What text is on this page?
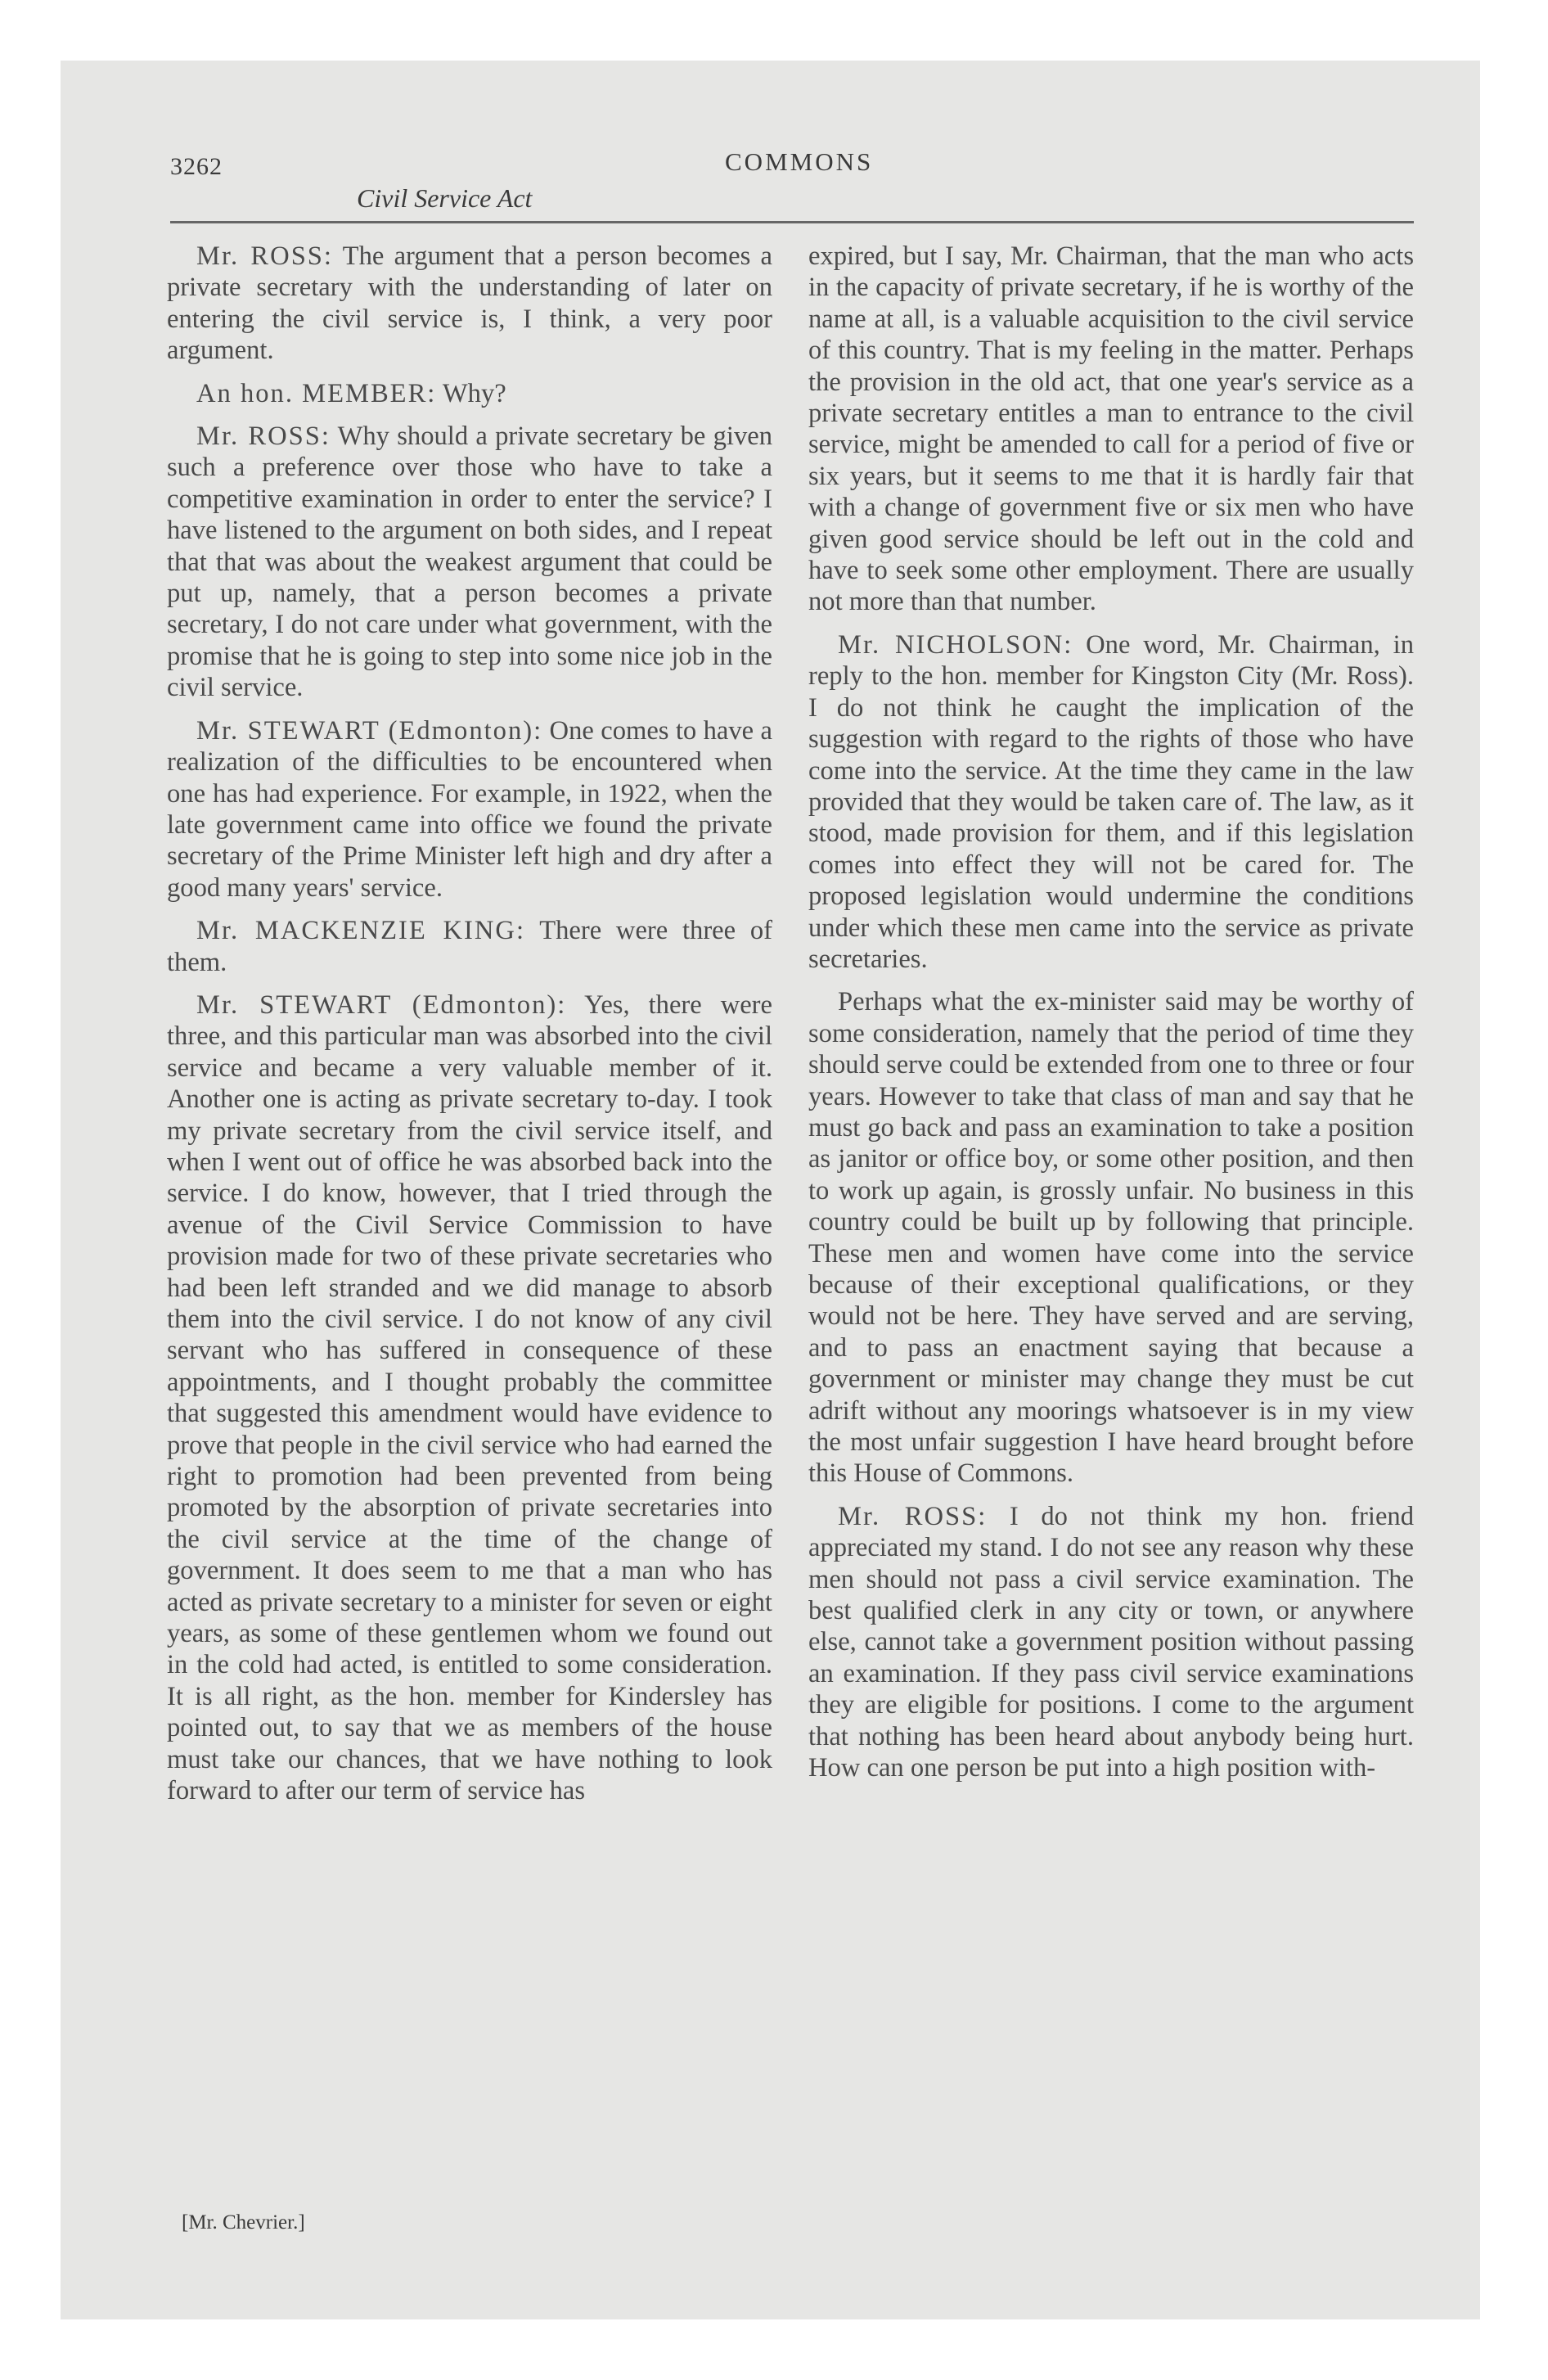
3262	COMMONS
Civil Service Act

Mr. ROSS: The argument that a person becomes a private secretary with the understanding of later on entering the civil service is, I think, a very poor argument.

An hon. MEMBER: Why?

Mr. ROSS: Why should a private secretary be given such a preference over those who have to take a competitive examination in order to enter the service? I have listened to the argument on both sides, and I repeat that that was about the weakest argument that could be put up, namely, that a person becomes a private secretary, I do not care under what government, with the promise that he is going to step into some nice job in the civil service.

Mr. STEWART (Edmonton): One comes to have a realization of the difficulties to be encountered when one has had experience. For example, in 1922, when the late government came into office we found the private secretary of the Prime Minister left high and dry after a good many years' service.

Mr. MACKENZIE KING: There were three of them.

Mr. STEWART (Edmonton): Yes, there were three, and this particular man was absorbed into the civil service and became a very valuable member of it. Another one is acting as private secretary to-day. I took my private secretary from the civil service itself, and when I went out of office he was absorbed back into the service. I do know, however, that I tried through the avenue of the Civil Service Commission to have provision made for two of these private secretaries who had been left stranded and we did manage to absorb them into the civil service. I do not know of any civil servant who has suffered in consequence of these appointments, and I thought probably the committee that suggested this amendment would have evidence to prove that people in the civil service who had earned the right to promotion had been prevented from being promoted by the absorption of private secretaries into the civil service at the time of the change of government. It does seem to me that a man who has acted as private secretary to a minister for seven or eight years, as some of these gentlemen whom we found out in the cold had acted, is entitled to some consideration. It is all right, as the hon. member for Kindersley has pointed out, to say that we as members of the house must take our chances, that we have nothing to look forward to after our term of service has

expired, but I say, Mr. Chairman, that the man who acts in the capacity of private secretary, if he is worthy of the name at all, is a valuable acquisition to the civil service of this country. That is my feeling in the matter. Perhaps the provision in the old act, that one year's service as a private secretary entitles a man to entrance to the civil service, might be amended to call for a period of five or six years, but it seems to me that it is hardly fair that with a change of government five or six men who have given good service should be left out in the cold and have to seek some other employment. There are usually not more than that number.

Mr. NICHOLSON: One word, Mr. Chairman, in reply to the hon. member for Kingston City (Mr. Ross). I do not think he caught the implication of the suggestion with regard to the rights of those who have come into the service. At the time they came in the law provided that they would be taken care of. The law, as it stood, made provision for them, and if this legislation comes into effect they will not be cared for. The proposed legislation would undermine the conditions under which these men came into the service as private secretaries.

Perhaps what the ex-minister said may be worthy of some consideration, namely that the period of time they should serve could be extended from one to three or four years. However to take that class of man and say that he must go back and pass an examination to take a position as janitor or office boy, or some other position, and then to work up again, is grossly unfair. No business in this country could be built up by following that principle. These men and women have come into the service because of their exceptional qualifications, or they would not be here. They have served and are serving, and to pass an enactment saying that because a government or minister may change they must be cut adrift without any moorings whatsoever is in my view the most unfair suggestion I have heard brought before this House of Commons.

Mr. ROSS: I do not think my hon. friend appreciated my stand. I do not see any reason why these men should not pass a civil service examination. The best qualified clerk in any city or town, or anywhere else, cannot take a government position without passing an examination. If they pass civil service examinations they are eligible for positions. I come to the argument that nothing has been heard about anybody being hurt. How can one person be put into a high position with-

[Mr. Chevrier.]
